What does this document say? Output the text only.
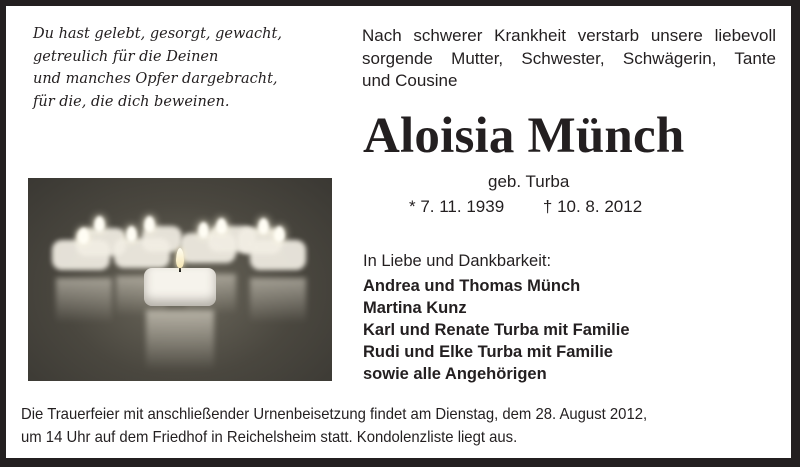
Du hast gelebt, gesorgt, gewacht,
getreulich für die Deinen
und manches Opfer dargebracht,
für die, die dich beweinen.
Nach schwerer Krankheit verstarb unsere liebevoll
sorgende Mutter, Schwester, Schwägerin, Tante
und Cousine
Aloisia Münch
geb. Turba
* 7. 11. 1939 † 10. 8. 2012
In Liebe und Dankbarkeit:
Andrea und Thomas Münch
Martina Kunz
Karl und Renate Turba mit Familie
Rudi und Elke Turba mit Familie
sowie alle Angehörigen
Die Trauerfeier mit anschließender Urnenbeisetzung findet am Dienstag, dem 28. August 2012,
um 14 Uhr auf dem Friedhof in Reichelsheim statt. Kondolenzliste liegt aus.
